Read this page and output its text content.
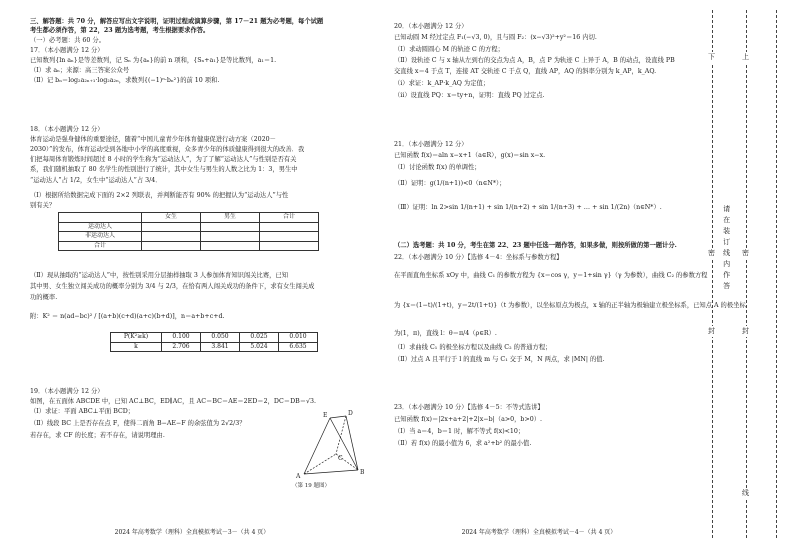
三、解答题：共 70 分，解答应写出文字说明，证明过程或演算步骤，第 17－21 题为必考题，每个试题
考生都必须作答，第 22，23 题为选考题，考生根据要求作答。
（一）必考题：共 60 分。
17．（本小题满分 12 分）
已知数列{ln aₙ}是等差数列，记 Sₙ 为{aₙ}的前 n 项和，{Sₙ+a₁}是等比数列，a₁＝1.
（Ⅰ）求 aₙ；来源：高三答案公众号
（Ⅱ）记 bₙ＝log₂a₂ₙ₊₁·log₂a₂ₙ，求数列{(−1)ⁿ·bₙ²}的前 10 项和.
18．（本小题满分 12 分）
体育运动是强身健体的重要途径，随着“中国儿童青少年体育健康促进行动方案（2020－
2030）”的发布，体育运动受到各地中小学的高度重视，众多青少年的体质健康得到很大的改善．我
们把每周体育锻炼时间超过 8 小时的学生称为“运动达人”，为了了解“运动达人”与性别是否有关
系，我们随机抽取了 80 名学生的性别进行了统计，其中女生与男生的人数之比为 1：3，男生中
“运动达人”占 1/2，女生中“运动达人”占 3/4．
（Ⅰ）根据所给数据完成下面的 2×2 列联表，并判断能否有 90% 的把握认为“运动达人”与性
别有关？
	女生	男生	合计
运动达人			
非运动达人			
合计			
（Ⅱ）现从抽取的“运动达人”中，按性别采用分层抽样抽取 3 人参加体育知识闯关比赛，已知
其中男、女生独立闯关成功的概率分别为 3/4 与 2/3，在恰有两人闯关成功的条件下，求有女生闯关成
功的概率.
附：K² ＝ n(ad−bc)² / [(a+b)(c+d)(a+c)(b+d)]，n＝a+b+c+d.
P(K²≥k)	0.100	0.050	0.025	0.010
k	2.706	3.841	5.024	6.635
19．（本小题满分 12 分）
如图，在五面体 ABCDE 中，已知 AC⊥BC，ED∥AC，且 AC＝BC＝AE＝2ED＝2，DC＝DB＝√3.
（Ⅰ）求证：平面 ABC⊥平面 BCD；
（Ⅱ）线段 BC 上是否存在点 F，使得二面角 B−AE−F 的余弦值为 2√2/3？
若存在，求 CF 的长度；若不存在，请说明理由.
A
B
C
D
E
（第 19 题图）
2024 年高考数学（理科）全真模拟考试－3－（共 4 页）
20．（本小题满分 12 分）
已知动圆 M 经过定点 F₁(−√3, 0)，且与圆 F₂：(x−√3)²+y²＝16 内切.
（Ⅰ）求动圆圆心 M 的轨迹 C 的方程；
（Ⅱ）设轨迹 C 与 x 轴从左到右的交点为点 A，B，点 P 为轨迹 C 上异于 A，B 的动点，设直线 PB
交直线 x＝4 于点 T，连接 AT 交轨迹 C 于点 Q，直线 AP，AQ 的斜率分别为 k_AP，k_AQ.
（ⅰ）求证：k_AP·k_AQ 为定值；
（ⅱ）设直线 PQ：x＝ty+n，证明：直线 PQ 过定点.
21．（本小题满分 12 分）
已知函数 f(x)＝aln x−x+1（a∈R），g(x)＝sin x−x.
（Ⅰ）讨论函数 f(x) 的单调性；
（Ⅱ）证明：g(1/(n+1))<0（n∈N*）；
（Ⅲ）证明：ln 2>sin 1/(n+1) + sin 1/(n+2) + sin 1/(n+3) + … + sin 1/(2n)（n∈N*）.
（二）选考题：共 10 分，考生在第 22、23 题中任选一题作答，如果多做，则按所做的第一题计分.
22．（本小题满分 10 分）【选修 4－4：坐标系与参数方程】
在平面直角坐标系 xOy 中，曲线 C₁ 的参数方程为 {x＝cos γ，y＝1+sin γ}（γ 为参数），曲线 C₂ 的参数方程
为 {x＝(1−t)/(1+t)，y＝2t/(1+t)}（t 为参数），以坐标原点为极点，x 轴的正半轴为极轴建立极坐标系，已知点 A 的极坐标
为(1，π)，直线 l：θ＝π/4（ρ∈R）.
（Ⅰ）求曲线 C₁ 的极坐标方程以及曲线 C₂ 的普通方程；
（Ⅱ）过点 A 且平行于 l 的直线 m 与 C₁ 交于 M，N 两点，求 |MN| 的值.
23．（本小题满分 10 分）【选修 4－5：不等式选讲】
已知函数 f(x)＝|2x+a+2|+2|x−b|（a>0，b>0）.
（Ⅰ）当 a＝4，b＝1 时，解不等式 f(x)<10；
（Ⅱ）若 f(x) 的最小值为 6，求 a²+b² 的最小值.
2024 年高考数学（理科）全真模拟考试－4－（共 4 页）
下
密
封
上
密
封
线
请在装订线内作答
